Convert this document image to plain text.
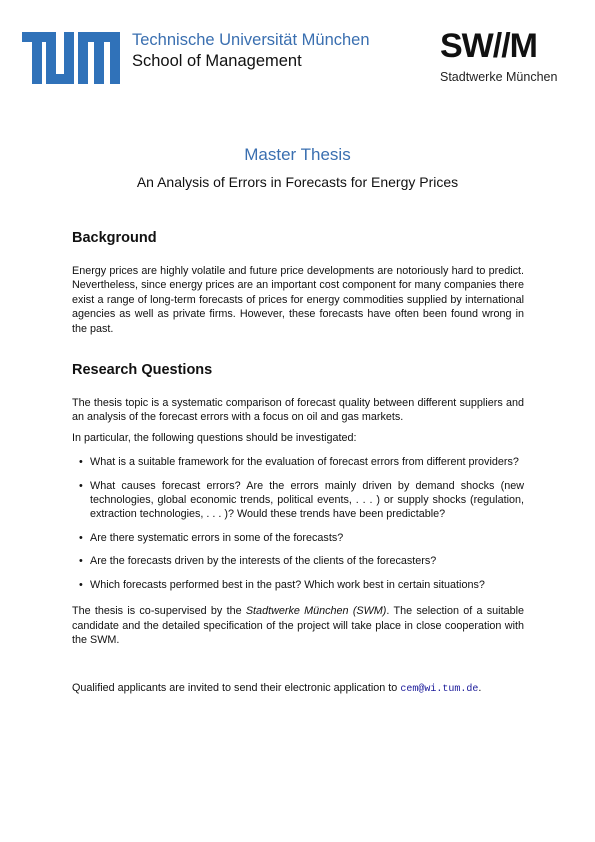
Technische Universität München
School of Management	SW//M
Stadtwerke München
Master Thesis
An Analysis of Errors in Forecasts for Energy Prices
Background

Energy prices are highly volatile and future price developments are notoriously hard to predict. Nevertheless, since energy prices are an important cost component for many companies there exist a range of long-term forecasts of prices for energy commodities supplied by international agencies as well as private firms. However, these forecasts have often been found wrong in the past.

Research Questions

The thesis topic is a systematic comparison of forecast quality between different suppliers and an analysis of the forecast errors with a focus on oil and gas markets.

In particular, the following questions should be investigated:

• What is a suitable framework for the evaluation of forecast errors from different providers?
• What causes forecast errors? Are the errors mainly driven by demand shocks (new technologies, global economic trends, political events, . . . ) or supply shocks (regulation, extraction technologies, . . . )? Would these trends have been predictable?
• Are there systematic errors in some of the forecasts?
• Are the forecasts driven by the interests of the clients of the forecasters?
• Which forecasts performed best in the past? Which work best in certain situations?

The thesis is co-supervised by the Stadtwerke München (SWM). The selection of a suitable candidate and the detailed specification of the project will take place in close cooperation with the SWM.

Qualified applicants are invited to send their electronic application to cem@wi.tum.de.
